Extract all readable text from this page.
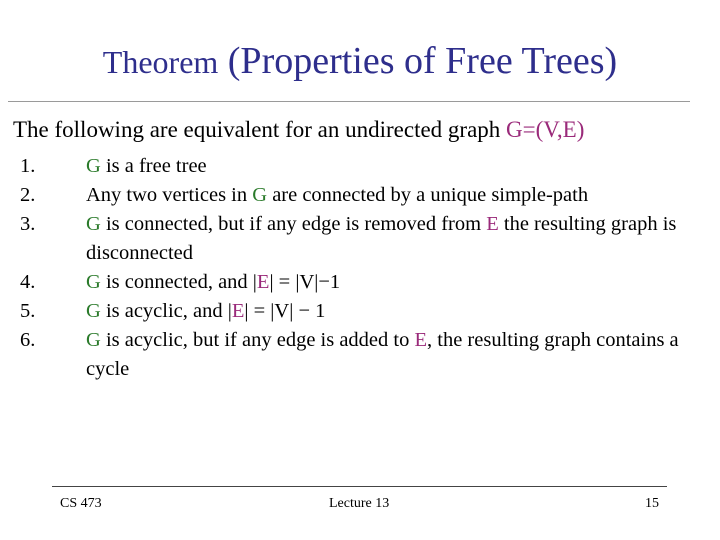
Theorem (Properties of Free Trees)
The following are equivalent for an undirected graph G=(V,E)
1.	G is a free tree
2.	Any two vertices in G are connected by a unique simple-path
3.	G is connected, but if any edge is removed from E the resulting graph is disconnected
4.	G is connected, and |E| = |V|−1
5.	G is acyclic, and |E| = |V| − 1
6.	G is acyclic, but if any edge is added to E, the resulting graph contains a cycle
CS 473	Lecture 13	15
